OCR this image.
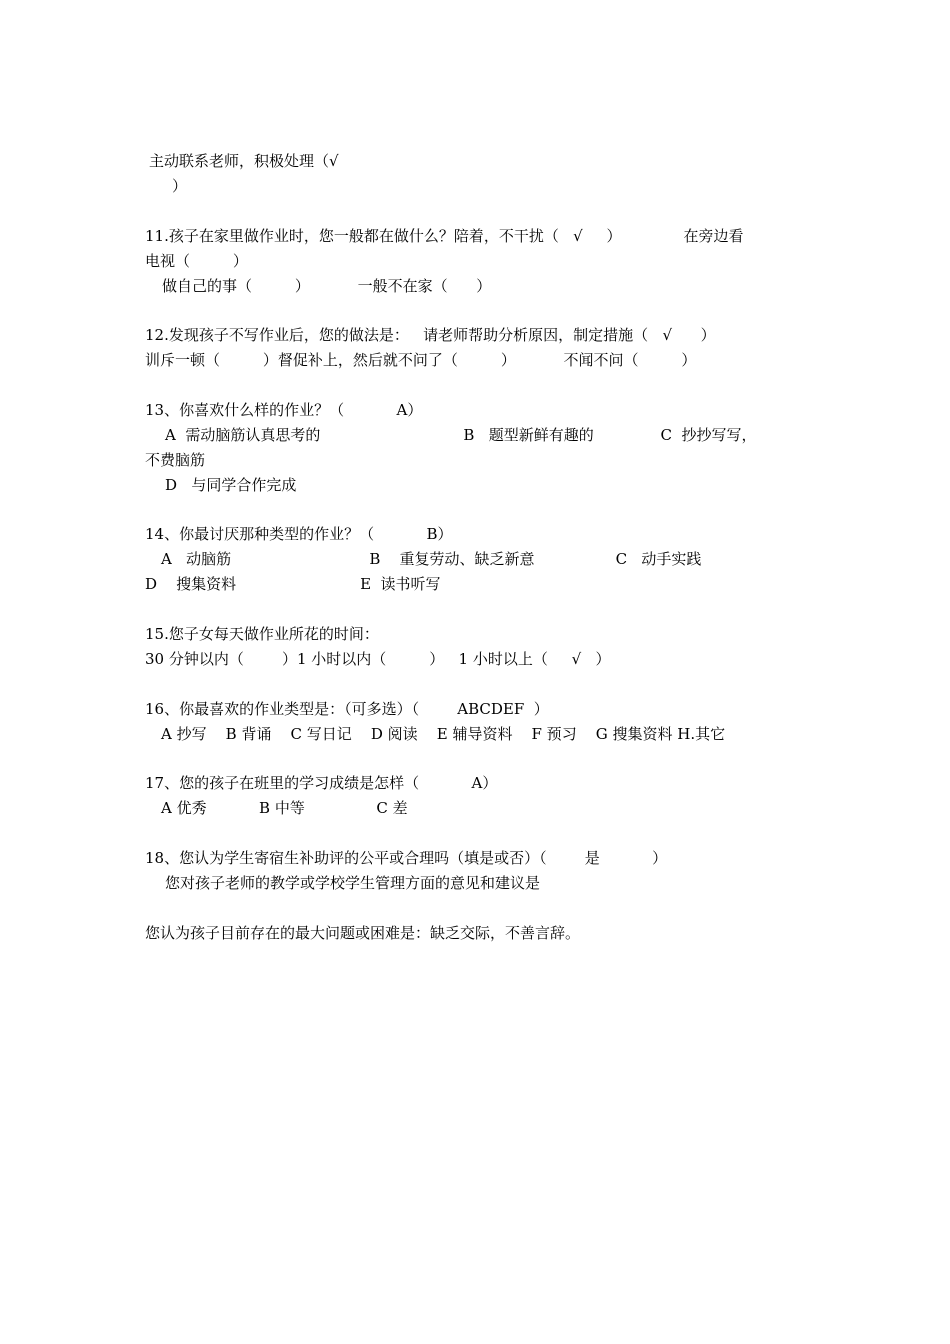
主动联系老师，积极处理（√
）
11.孩子在家里做作业时，您一般都在做什么？陪着，不干扰（   √     ）             在旁边看
电视（         ）
做自己的事（         ）          一般不在家（      ）
12.发现孩子不写作业后，您的做法是：   请老师帮助分析原因，制定措施（   √      ）
训斥一顿（         ）督促补上，然后就不问了（         ）          不闻不问（         ）
13、你喜欢什么样的作业？（           A）
A  需动脑筋认真思考的                              B   题型新鲜有趣的              C  抄抄写写，
不费脑筋
D   与同学合作完成
14、你最讨厌那种类型的作业？（           B）
A   动脑筋                             B    重复劳动、缺乏新意                 C   动手实践
D    搜集资料                          E  读书听写
15.您子女每天做作业所花的时间：
30 分钟以内（        ）1 小时以内（         ）   1 小时以上（     √   ）
16、你最喜欢的作业类型是：（可多选）（        ABCDEF  ）
A 抄写    B 背诵    C 写日记    D 阅读    E 辅导资料    F 预习    G 搜集资料 H.其它
17、您的孩子在班里的学习成绩是怎样（           A）
A 优秀           B 中等               C 差
18、您认为学生寄宿生补助评的公平或合理吗（填是或否）（        是           ）
您对孩子老师的教学或学校学生管理方面的意见和建议是
您认为孩子目前存在的最大问题或困难是：缺乏交际，不善言辞。
